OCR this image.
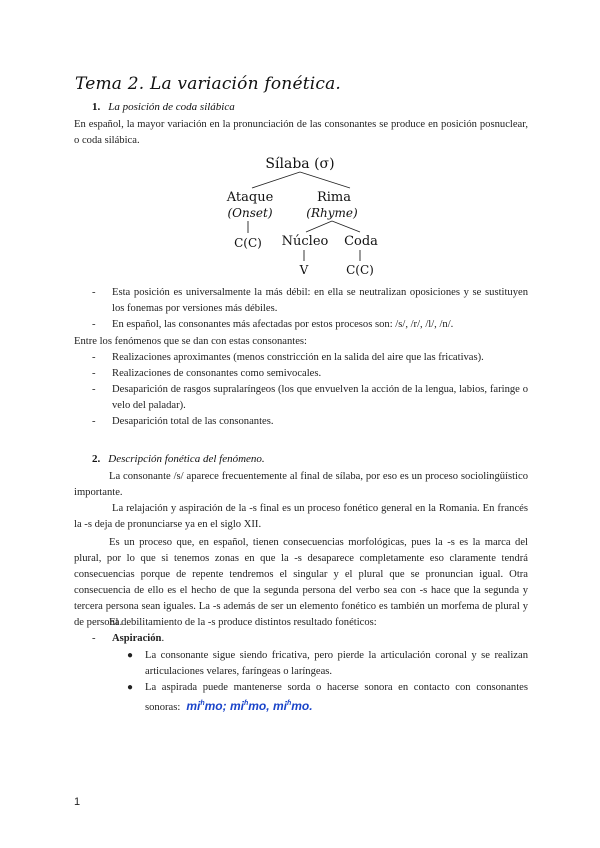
Tema 2. La variación fonética.
1. La posición de coda silábica
En español, la mayor variación en la pronunciación de las consonantes se produce en posición posnuclear, o coda silábica.
Sílaba (σ)
Ataque
(Onset)
Rima
(Rhyme)
C(C) Núcleo Coda
V	C(C)
- Esta posición es universalmente la más débil: en ella se neutralizan oposiciones y se sustituyen los fonemas por versiones más débiles.
- En español, las consonantes más afectadas por estos procesos son: /s/, /r/, /l/, /n/.
Entre los fenómenos que se dan con estas consonantes:
- Realizaciones aproximantes (menos constricción en la salida del aire que las fricativas).
- Realizaciones de consonantes como semivocales.
- Desaparición de rasgos supralaríngeos (los que envuelven la acción de la lengua, labios, faringe o velo del paladar).
- Desaparición total de las consonantes.
2. Descripción fonética del fenómeno.
La consonante /s/ aparece frecuentemente al final de sílaba, por eso es un proceso sociolingüístico importante.
La relajación y aspiración de la -s final es un proceso fonético general en la Romania. En francés la -s deja de pronunciarse ya en el siglo XII.
Es un proceso que, en español, tienen consecuencias morfológicas, pues la -s es la marca del plural, por lo que si tenemos zonas en que la -s desaparece completamente eso claramente tendrá consecuencias porque de repente tendremos el singular y el plural que se pronuncian igual. Otra consecuencia de ello es el hecho de que la segunda persona del verbo sea con -s hace que la segunda y tercera persona sean iguales. La -s además de ser un elemento fonético es también un morfema de plural y de persona.
El debilitamiento de la -s produce distintos resultado fonéticos:
- Aspiración.
● La consonante sigue siendo fricativa, pero pierde la articulación coronal y se realizan articulaciones velares, faríngeas o laríngeas.
● La aspirada puede mantenerse sorda o hacerse sonora en contacto con consonantes sonoras: $mi^hmo$; $mi^ɦmo$, $mi^ɦmo$.
1
